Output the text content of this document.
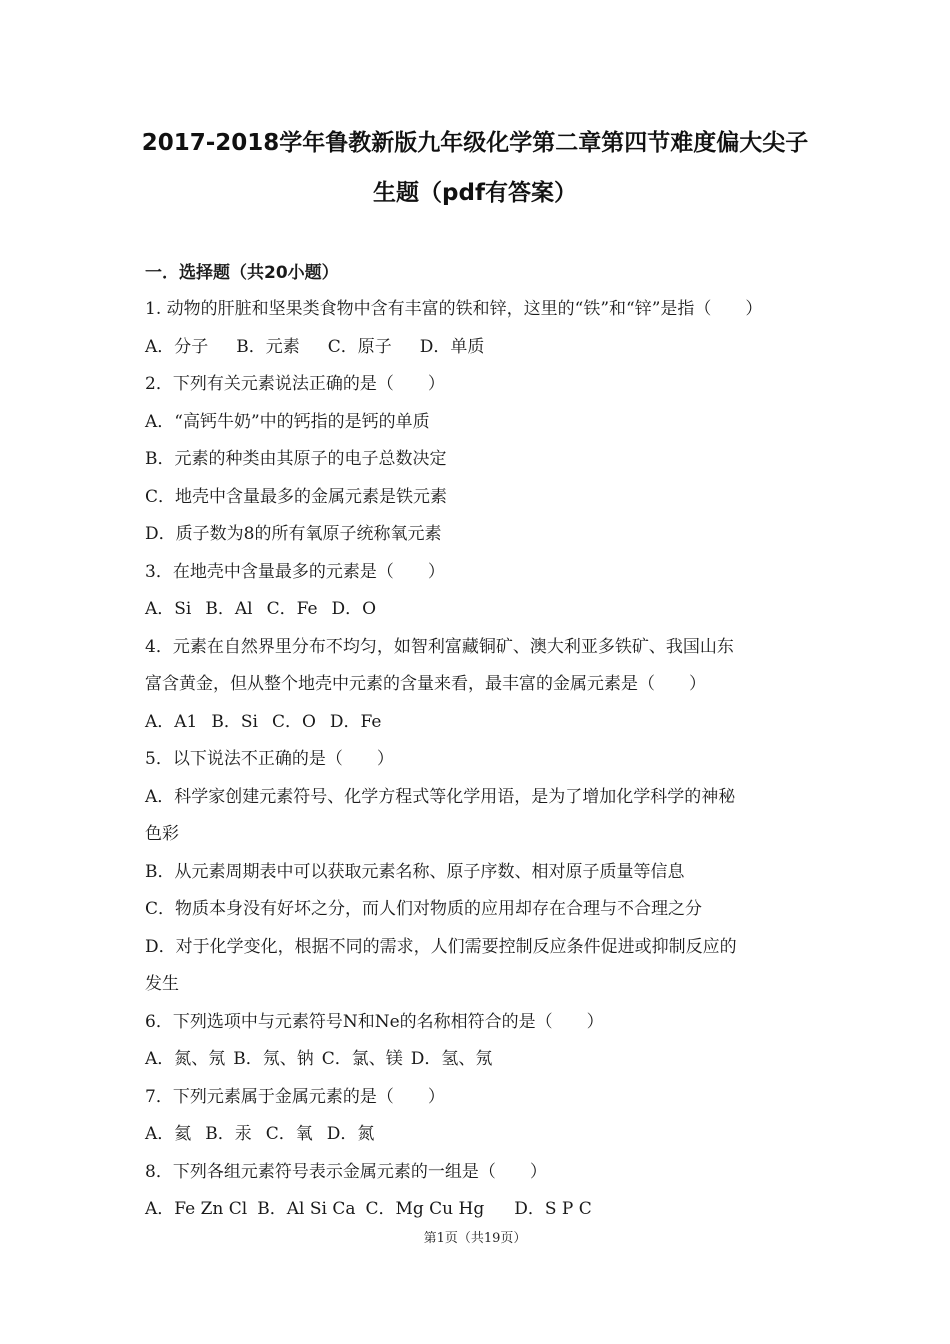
2017-2018学年鲁教新版九年级化学第二章第四节难度偏大尖子
生题（pdf有答案）
一．选择题（共20小题）
1. 动物的肝脏和坚果类食物中含有丰富的铁和锌，这里的“铁”和“锌”是指（　　）
A．分子 B．元素 C．原子 D．单质
2．下列有关元素说法正确的是（　　）
A．“高钙牛奶”中的钙指的是钙的单质
B．元素的种类由其原子的电子总数决定
C．地壳中含量最多的金属元素是铁元素
D．质子数为8的所有氧原子统称氧元素
3．在地壳中含量最多的元素是（　　）
A．Si B．Al C．Fe D．O
4．元素在自然界里分布不均匀，如智利富藏铜矿、澳大利亚多铁矿、我国山东
富含黄金，但从整个地壳中元素的含量来看，最丰富的金属元素是（　　）
A．A1 B．Si C．O D．Fe
5．以下说法不正确的是（　　）
A．科学家创建元素符号、化学方程式等化学用语，是为了增加化学科学的神秘
色彩
B．从元素周期表中可以获取元素名称、原子序数、相对原子质量等信息
C．物质本身没有好坏之分，而人们对物质的应用却存在合理与不合理之分
D．对于化学变化，根据不同的需求，人们需要控制反应条件促进或抑制反应的
发生
6．下列选项中与元素符号N和Ne的名称相符合的是（　　）
A．氮、氖 B．氖、钠 C．氯、镁 D．氢、氖
7．下列元素属于金属元素的是（　　）
A．氦 B．汞 C．氧 D．氮
8．下列各组元素符号表示金属元素的一组是（　　）
A．Fe Zn Cl B．Al Si Ca C．Mg Cu Hg D．S P C
第1页（共19页）
